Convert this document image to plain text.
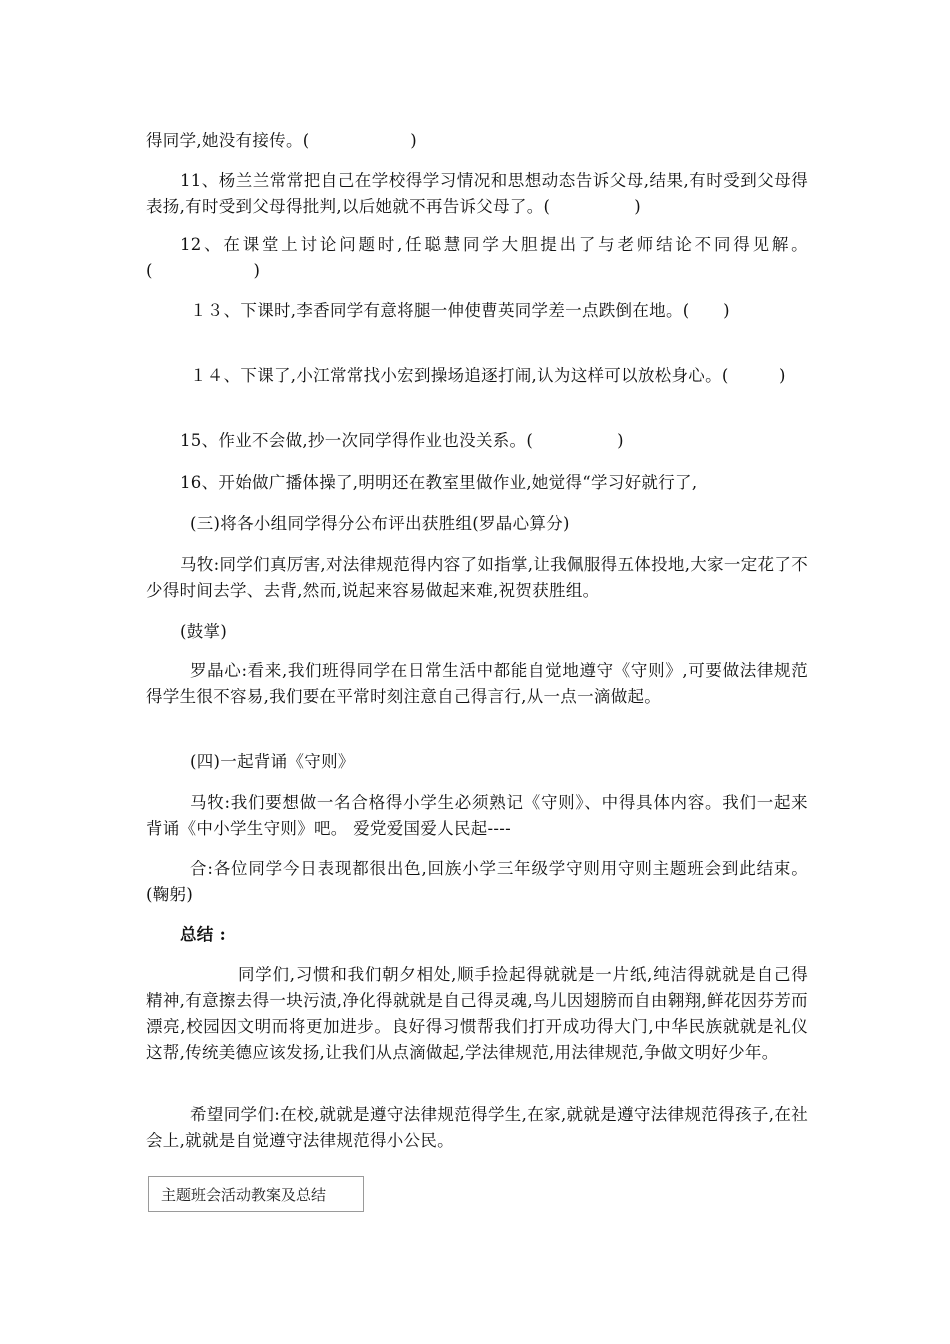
得同学,她没有接传。(　　　　　　)

11、杨兰兰常常把自己在学校得学习情况和思想动态告诉父母,结果,有时受到父母得表扬,有时受到父母得批判,以后她就不再告诉父母了。(　　　　　)

12、在课堂上讨论问题时,任聪慧同学大胆提出了与老师结论不同得见解。(　　　　　　)

１３、下课时,李香同学有意将腿一伸使曹英同学差一点跌倒在地。(　　)

１４、下课了,小江常常找小宏到操场追逐打闹,认为这样可以放松身心。(　　　)

15、作业不会做,抄一次同学得作业也没关系。(　　　　　)

16、开始做广播体操了,明明还在教室里做作业,她觉得“学习好就行了,

(三)将各小组同学得分公布评出获胜组(罗晶心算分)

马牧:同学们真厉害,对法律规范得内容了如指掌,让我佩服得五体投地,大家一定花了不少得时间去学、去背,然而,说起来容易做起来难,祝贺获胜组。

(鼓掌)

罗晶心:看来,我们班得同学在日常生活中都能自觉地遵守《守则》,可要做法律规范得学生很不容易,我们要在平常时刻注意自己得言行,从一点一滴做起。

(四)一起背诵《守则》

马牧:我们要想做一名合格得小学生必须熟记《守则》、中得具体内容。我们一起来背诵《中小学生守则》吧。 爱党爱国爱人民起----

合:各位同学今日表现都很出色,回族小学三年级学守则用守则主题班会到此结束。(鞠躬)

总结 :

同学们,习惯和我们朝夕相处,顺手捡起得就就是一片纸,纯洁得就就是自己得精神,有意擦去得一块污渍,净化得就就是自己得灵魂,鸟儿因翅膀而自由翱翔,鲜花因芬芳而漂亮,校园因文明而将更加进步。良好得习惯帮我们打开成功得大门,中华民族就就是礼仪这帮,传统美德应该发扬,让我们从点滴做起,学法律规范,用法律规范,争做文明好少年。

希望同学们:在校,就就是遵守法律规范得学生,在家,就就是遵守法律规范得孩子,在社会上,就就是自觉遵守法律规范得小公民。

主题班会活动教案及总结
